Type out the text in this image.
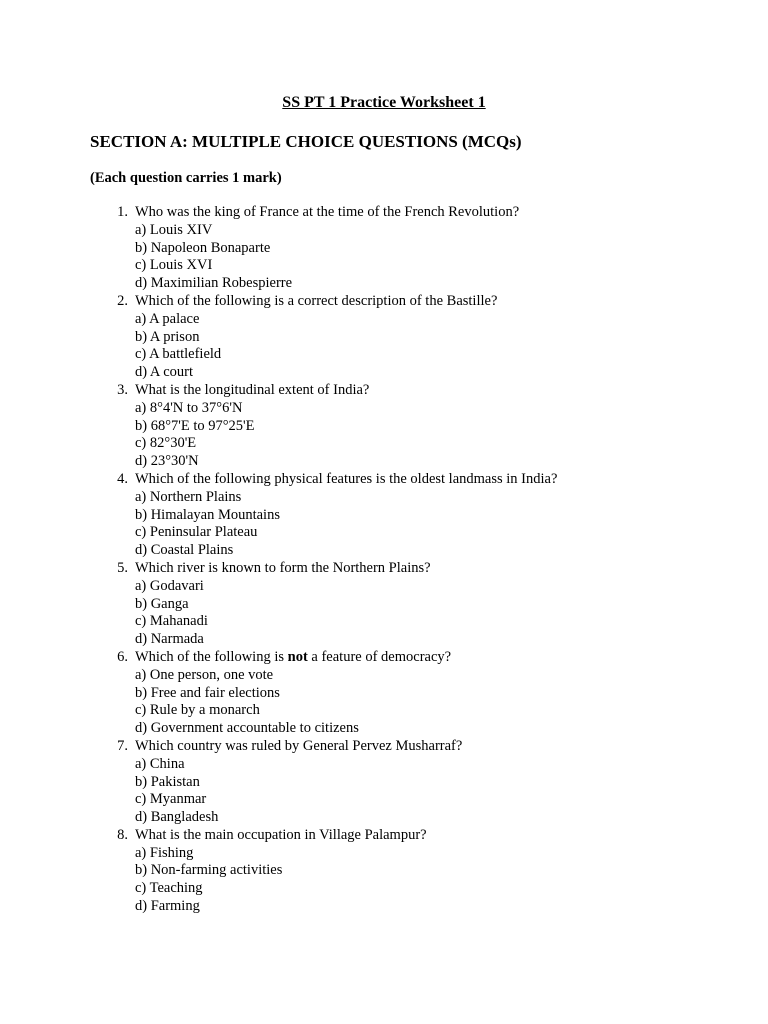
SS PT 1 Practice Worksheet 1
SECTION A: MULTIPLE CHOICE QUESTIONS (MCQs)
(Each question carries 1 mark)
1. Who was the king of France at the time of the French Revolution?
a) Louis XIV
b) Napoleon Bonaparte
c) Louis XVI
d) Maximilian Robespierre
2. Which of the following is a correct description of the Bastille?
a) A palace
b) A prison
c) A battlefield
d) A court
3. What is the longitudinal extent of India?
a) 8°4'N to 37°6'N
b) 68°7'E to 97°25'E
c) 82°30'E
d) 23°30'N
4. Which of the following physical features is the oldest landmass in India?
a) Northern Plains
b) Himalayan Mountains
c) Peninsular Plateau
d) Coastal Plains
5. Which river is known to form the Northern Plains?
a) Godavari
b) Ganga
c) Mahanadi
d) Narmada
6. Which of the following is not a feature of democracy?
a) One person, one vote
b) Free and fair elections
c) Rule by a monarch
d) Government accountable to citizens
7. Which country was ruled by General Pervez Musharraf?
a) China
b) Pakistan
c) Myanmar
d) Bangladesh
8. What is the main occupation in Village Palampur?
a) Fishing
b) Non-farming activities
c) Teaching
d) Farming
